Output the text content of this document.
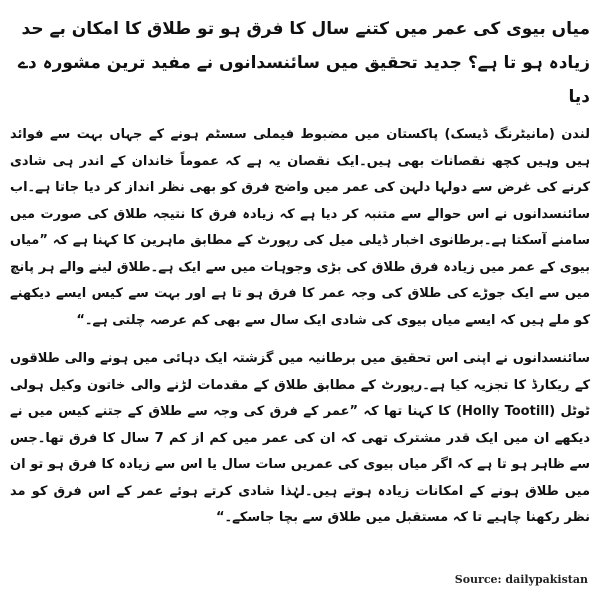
میاں بیوی کی عمر میں کتنے سال کا فرق ہو تو طلاق کا امکان بے حد زیادہ ہو تا ہے؟ جدید تحقیق میں سائنسدانوں نے مفید ترین مشورہ دے دیا
لندن (مانیٹرنگ ڈیسک) پاکستان میں مضبوط فیملی سسٹم ہونے کے جہاں بہت سے فوائد ہیں وہیں کچھ نقصانات بھی ہیں۔ایک نقصان یہ ہے کہ عموماً خاندان کے اندر ہی شادی کرنے کی غرض سے دولہا دلہن کی عمر میں واضح فرق کو بھی نظر انداز کر دیا جاتا ہے۔اب سائنسدانوں نے اس حوالے سے متنبہ کر دیا ہے کہ زیادہ فرق کا نتیجہ طلاق کی صورت میں سامنے آسکتا ہے۔برطانوی اخبار ڈیلی میل کی رپورٹ کے مطابق ماہرین کا کہنا ہے کہ ”میاں بیوی کے عمر میں زیادہ فرق طلاق کی بڑی وجوہات میں سے ایک ہے۔طلاق لینے والے ہر پانچ میں سے ایک جوڑے کی طلاق کی وجہ عمر کا فرق ہو تا ہے اور بہت سے کیس ایسے دیکھنے کو ملے ہیں کہ ایسے میاں بیوی کی شادی ایک سال سے بھی کم عرصہ چلتی ہے۔“
سائنسدانوں نے اپنی اس تحقیق میں برطانیہ میں گزشتہ ایک دہائی میں ہونے والی طلاقوں کے ریکارڈ کا تجزیہ کیا ہے۔رپورٹ کے مطابق طلاق کے مقدمات لڑنے والی خاتون وکیل ہولی ٹوٹل (Holly Tootill) کا کہنا تھا کہ ”عمر کے فرق کی وجہ سے طلاق کے جتنے کیس میں نے دیکھے ان میں ایک قدر مشترک تھی کہ ان کی عمر میں کم از کم 7 سال کا فرق تھا۔جس سے ظاہر ہو تا ہے کہ اگر میاں بیوی کی عمریں سات سال یا اس سے زیادہ کا فرق ہو تو ان میں طلاق ہونے کے امکانات زیادہ ہوتے ہیں۔لہٰذا شادی کرتے ہوئے عمر کے اس فرق کو مد نظر رکھنا چاہیے تا کہ مستقبل میں طلاق سے بچا جاسکے۔“
Source: dailypakistan
